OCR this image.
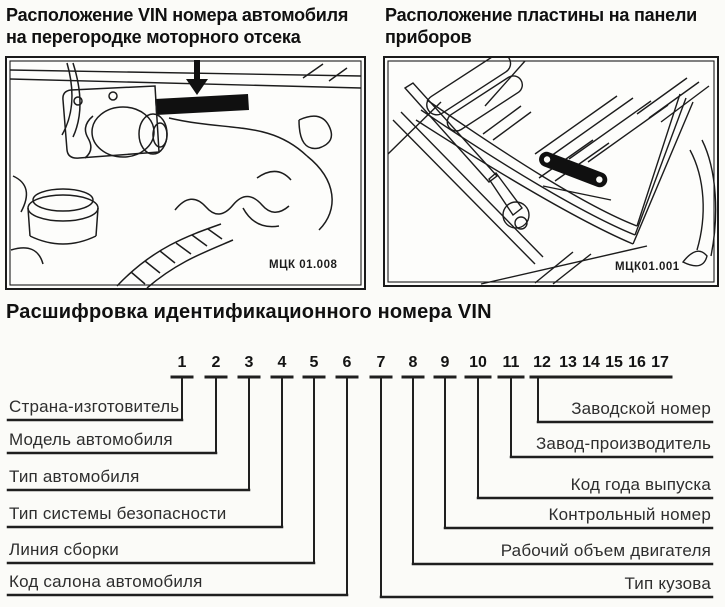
Расположение VIN номера автомобиля на перегородке моторного отсека
Расположение пластины на панели приборов
МЦК 01.008	МЦК01.001
Расшифровка идентификационного номера VIN
1	2	3	4	5	6	7	8	9	10 11 12 13 14 15 16 17
Страна-изготовитель
Модель автомобиля
Тип автомобиля
Тип системы безопасности
Линия сборки
Код салона автомобиля
Заводской номер
Завод-производитель
Код года выпуска
Контрольный номер
Рабочий объем двигателя
Тип кузова
